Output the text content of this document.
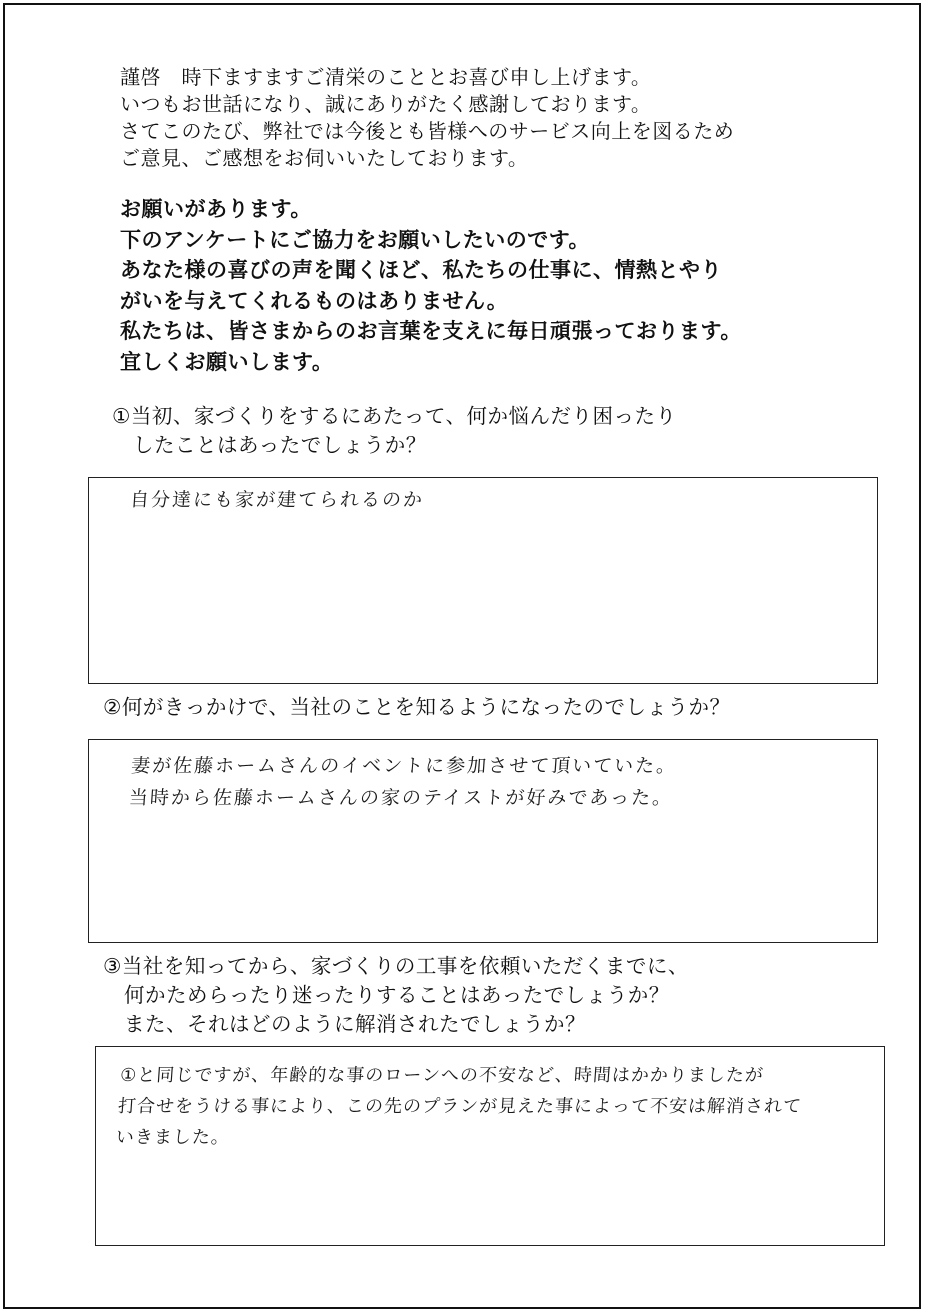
謹啓　時下ますますご清栄のこととお喜び申し上げます。
いつもお世話になり、誠にありがたく感謝しております。
さてこのたび、弊社では今後とも皆様へのサービス向上を図るため
ご意見、ご感想をお伺いいたしております。
お願いがあります。
下のアンケートにご協力をお願いしたいのです。
あなた様の喜びの声を聞くほど、私たちの仕事に、情熱とやり
がいを与えてくれるものはありません。
私たちは、皆さまからのお言葉を支えに毎日頑張っております。
宜しくお願いします。
①当初、家づくりをするにあたって、何か悩んだり困ったり
　したことはあったでしょうか？
自分達にも家が建てられるのか
②何がきっかけで、当社のことを知るようになったのでしょうか？
妻が佐藤ホームさんのイベントに参加させて頂いていた。
当時から佐藤ホームさんの家のテイストが好みであった。
③当社を知ってから、家づくりの工事を依頼いただくまでに、
　何かためらったり迷ったりすることはあったでしょうか？
　また、それはどのように解消されたでしょうか？
①と同じですが、年齢的な事のローンへの不安など、時間はかかりましたが
打合せをうける事により、この先のプランが見えた事によって不安は解消されて
いきました。
